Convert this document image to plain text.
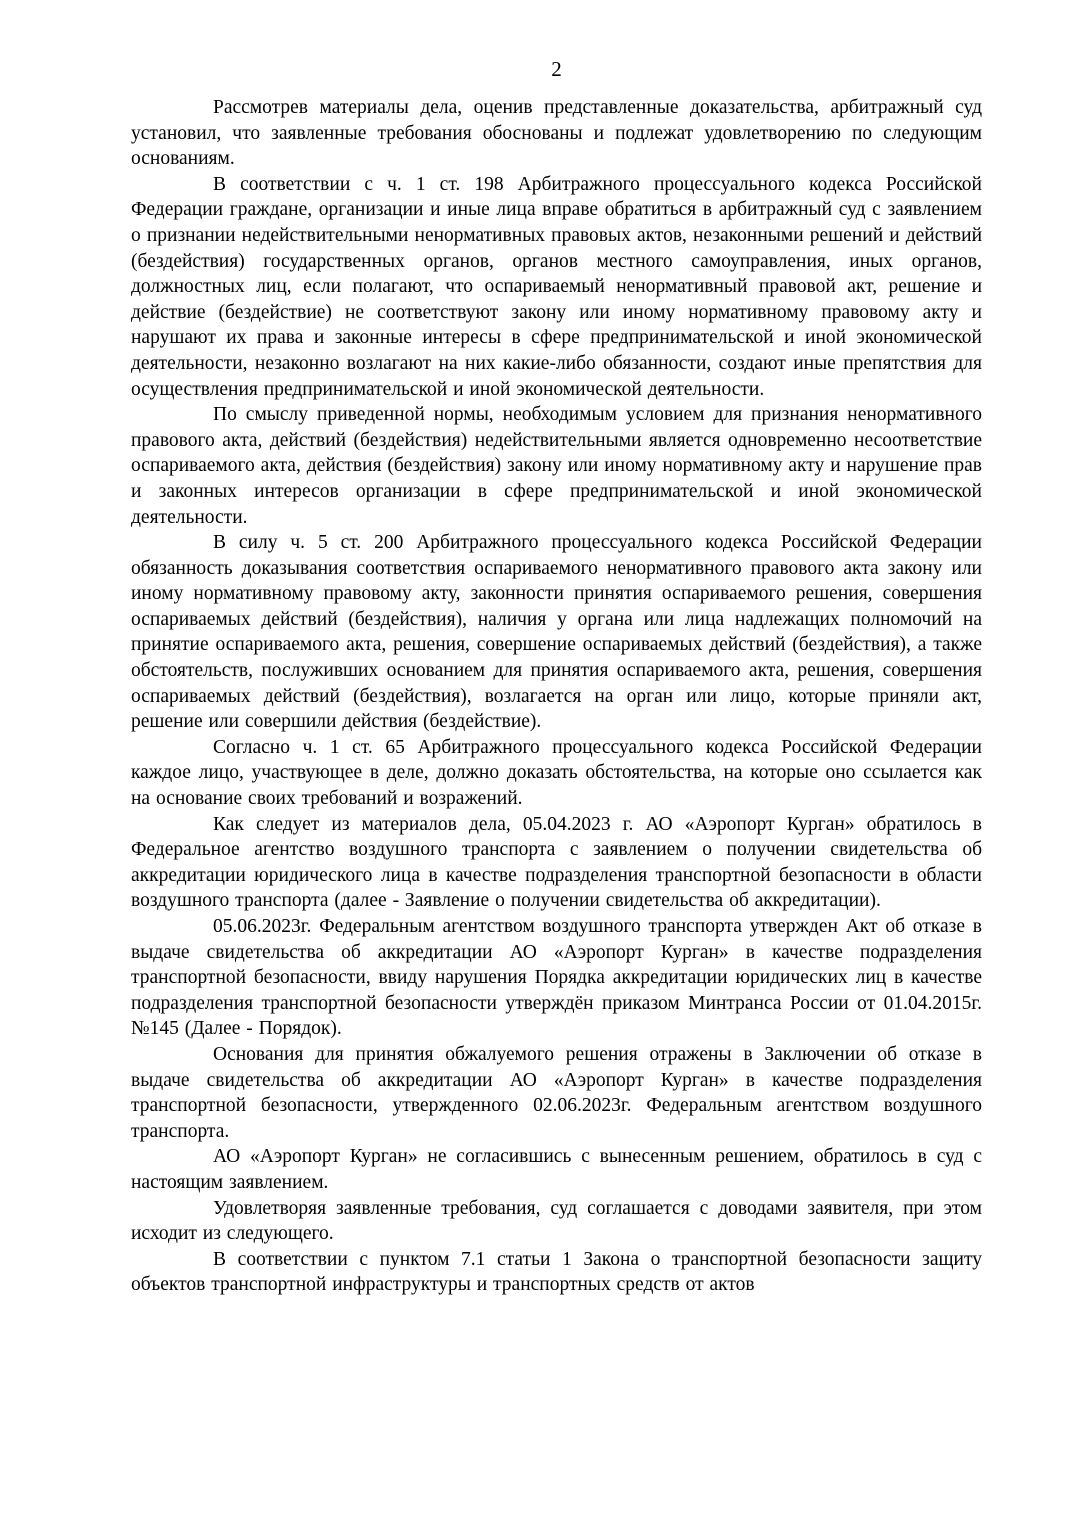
2

Рассмотрев материалы дела, оценив представленные доказательства, арбитражный суд установил, что заявленные требования обоснованы и подлежат удовлетворению по следующим основаниям.

В соответствии с ч. 1 ст. 198 Арбитражного процессуального кодекса Российской Федерации граждане, организации и иные лица вправе обратиться в арбитражный суд с заявлением о признании недействительными ненормативных правовых актов, незаконными решений и действий (бездействия) государственных органов, органов местного самоуправления, иных органов, должностных лиц, если полагают, что оспариваемый ненормативный правовой акт, решение и действие (бездействие) не соответствуют закону или иному нормативному правовому акту и нарушают их права и законные интересы в сфере предпринимательской и иной экономической деятельности, незаконно возлагают на них какие-либо обязанности, создают иные препятствия для осуществления предпринимательской и иной экономической деятельности.

По смыслу приведенной нормы, необходимым условием для признания ненормативного правового акта, действий (бездействия) недействительными является одновременно несоответствие оспариваемого акта, действия (бездействия) закону или иному нормативному акту и нарушение прав и законных интересов организации в сфере предпринимательской и иной экономической деятельности.

В силу ч. 5 ст. 200 Арбитражного процессуального кодекса Российской Федерации обязанность доказывания соответствия оспариваемого ненормативного правового акта закону или иному нормативному правовому акту, законности принятия оспариваемого решения, совершения оспариваемых действий (бездействия), наличия у органа или лица надлежащих полномочий на принятие оспариваемого акта, решения, совершение оспариваемых действий (бездействия), а также обстоятельств, послуживших основанием для принятия оспариваемого акта, решения, совершения оспариваемых действий (бездействия), возлагается на орган или лицо, которые приняли акт, решение или совершили действия (бездействие).

Согласно ч. 1 ст. 65 Арбитражного процессуального кодекса Российской Федерации каждое лицо, участвующее в деле, должно доказать обстоятельства, на которые оно ссылается как на основание своих требований и возражений.

Как следует из материалов дела, 05.04.2023 г. АО «Аэропорт Курган» обратилось в Федеральное агентство воздушного транспорта с заявлением о получении свидетельства об аккредитации юридического лица в качестве подразделения транспортной безопасности в области воздушного транспорта (далее - Заявление о получении свидетельства об аккредитации).

05.06.2023г. Федеральным агентством воздушного транспорта утвержден Акт об отказе в выдаче свидетельства об аккредитации АО «Аэропорт Курган» в качестве подразделения транспортной безопасности, ввиду нарушения Порядка аккредитации юридических лиц в качестве подразделения транспортной безопасности утверждён приказом Минтранса России от 01.04.2015г. №145 (Далее - Порядок).

Основания для принятия обжалуемого решения отражены в Заключении об отказе в выдаче свидетельства об аккредитации АО «Аэропорт Курган» в качестве подразделения транспортной безопасности, утвержденного 02.06.2023г. Федеральным агентством воздушного транспорта.

АО «Аэропорт Курган» не согласившись с вынесенным решением, обратилось в суд с настоящим заявлением.

Удовлетворяя заявленные требования, суд соглашается с доводами заявителя, при этом исходит из следующего.

В соответствии с пунктом 7.1 статьи 1 Закона о транспортной безопасности защиту объектов транспортной инфраструктуры и транспортных средств от актов
